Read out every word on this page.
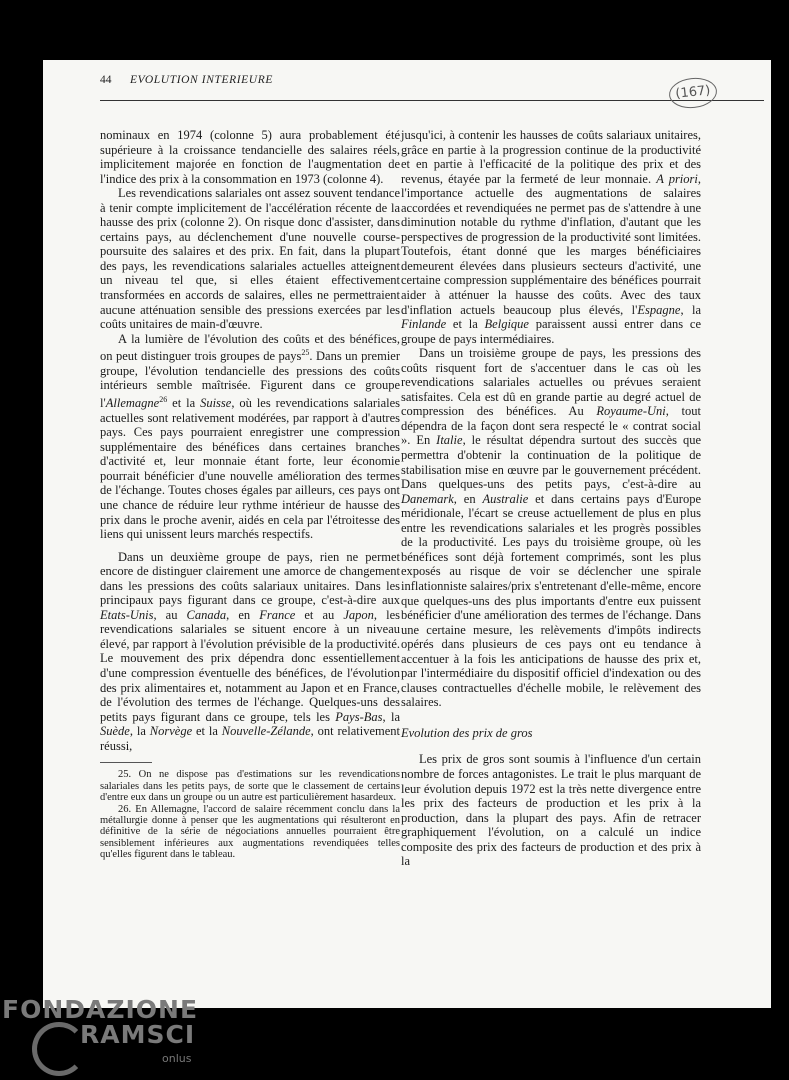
44 EVOLUTION INTERIEURE
(167)

nominaux en 1974 (colonne 5) aura probablement été supérieure à la croissance tendancielle des salaires réels, implicitement majorée en fonction de l'augmentation de l'indice des prix à la consommation en 1973 (colonne 4).

Les revendications salariales ont assez souvent tendance à tenir compte implicitement de l'accélération récente de la hausse des prix (colonne 2). On risque donc d'assister, dans certains pays, au déclenchement d'une nouvelle course-poursuite des salaires et des prix. En fait, dans la plupart des pays, les revendications salariales actuelles atteignent un niveau tel que, si elles étaient effectivement transformées en accords de salaires, elles ne permettraient aucune atténuation sensible des pressions exercées par les coûts unitaires de main-d'œuvre.

A la lumière de l'évolution des coûts et des bénéfices, on peut distinguer trois groupes de pays$^{25}$. Dans un premier groupe, l'évolution tendancielle des pressions des coûts intérieurs semble maîtrisée. Figurent dans ce groupe l'Allemagne$^{26}$ et la Suisse, où les revendications salariales actuelles sont relativement modérées, par rapport à d'autres pays. Ces pays pourraient enregistrer une compression supplémentaire des bénéfices dans certaines branches d'activité et, leur monnaie étant forte, leur économie pourrait bénéficier d'une nouvelle amélioration des termes de l'échange. Toutes choses égales par ailleurs, ces pays ont une chance de réduire leur rythme intérieur de hausse des prix dans le proche avenir, aidés en cela par l'étroitesse des liens qui unissent leurs marchés respectifs.

Dans un deuxième groupe de pays, rien ne permet encore de distinguer clairement une amorce de changement dans les pressions des coûts salariaux unitaires. Dans les principaux pays figurant dans ce groupe, c'est-à-dire aux Etats-Unis, au Canada, en France et au Japon, les revendications salariales se situent encore à un niveau élevé, par rapport à l'évolution prévisible de la productivité. Le mouvement des prix dépendra donc essentiellement d'une compression éventuelle des bénéfices, de l'évolution des prix alimentaires et, notamment au Japon et en France, de l'évolution des termes de l'échange. Quelques-uns des petits pays figurant dans ce groupe, tels les Pays-Bas, la Suède, la Norvège et la Nouvelle-Zélande, ont relativement réussi,

25. On ne dispose pas d'estimations sur les revendications salariales dans les petits pays, de sorte que le classement de certains d'entre eux dans un groupe ou un autre est particulièrement hasardeux.

26. En Allemagne, l'accord de salaire récemment conclu dans la métallurgie donne à penser que les augmentations qui résulteront en définitive de la série de négociations annuelles pourraient être sensiblement inférieures aux augmentations revendiquées telles qu'elles figurent dans le tableau.

jusqu'ici, à contenir les hausses de coûts salariaux unitaires, grâce en partie à la progression continue de la productivité et en partie à l'efficacité de la politique des prix et des revenus, étayée par la fermeté de leur monnaie. A priori, l'importance actuelle des augmentations de salaires accordées et revendiquées ne permet pas de s'attendre à une diminution notable du rythme d'inflation, d'autant que les perspectives de progression de la productivité sont limitées. Toutefois, étant donné que les marges bénéficiaires demeurent élevées dans plusieurs secteurs d'activité, une certaine compression supplémentaire des bénéfices pourrait aider à atténuer la hausse des coûts. Avec des taux d'inflation actuels beaucoup plus élevés, l'Espagne, la Finlande et la Belgique paraissent aussi entrer dans ce groupe de pays intermédiaires.

Dans un troisième groupe de pays, les pressions des coûts risquent fort de s'accentuer dans le cas où les revendications salariales actuelles ou prévues seraient satisfaites. Cela est dû en grande partie au degré actuel de compression des bénéfices. Au Royaume-Uni, tout dépendra de la façon dont sera respecté le « contrat social ». En Italie, le résultat dépendra surtout des succès que permettra d'obtenir la continuation de la politique de stabilisation mise en œuvre par le gouvernement précédent. Dans quelques-uns des petits pays, c'est-à-dire au Danemark, en Australie et dans certains pays d'Europe méridionale, l'écart se creuse actuellement de plus en plus entre les revendications salariales et les progrès possibles de la productivité. Les pays du troisième groupe, où les bénéfices sont déjà fortement comprimés, sont les plus exposés au risque de voir se déclencher une spirale inflationniste salaires/prix s'entretenant d'elle-même, encore que quelques-uns des plus importants d'entre eux puissent bénéficier d'une amélioration des termes de l'échange. Dans une certaine mesure, les relèvements d'impôts indirects opérés dans plusieurs de ces pays ont eu tendance à accentuer à la fois les anticipations de hausse des prix et, par l'intermédiaire du dispositif officiel d'indexation ou des clauses contractuelles d'échelle mobile, le relèvement des salaires.

Evolution des prix de gros

Les prix de gros sont soumis à l'influence d'un certain nombre de forces antagonistes. Le trait le plus marquant de leur évolution depuis 1972 est la très nette divergence entre les prix des facteurs de production et les prix à la production, dans la plupart des pays. Afin de retracer graphiquement l'évolution, on a calculé un indice composite des prix des facteurs de production et des prix à la

FONDAZIONE
RAMSCI
onlus
